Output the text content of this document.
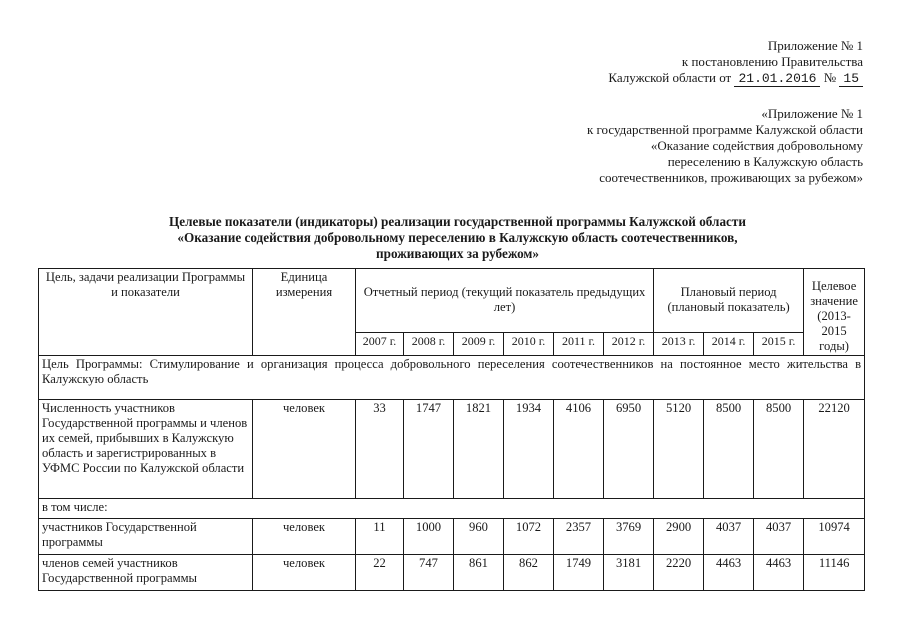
Приложение № 1
к постановлению Правительства
Калужской области от 21.01.2016 № 15
«Приложение № 1
к государственной программе Калужской области
«Оказание содействия добровольному
переселению в Калужскую область
соотечественников, проживающих за рубежом»
Целевые показатели (индикаторы) реализации государственной программы Калужской области
«Оказание содействия добровольному переселению в Калужскую область соотечественников,
проживающих за рубежом»
Цель, задачи реализации Программы и показатели	Единица измерения	Отчетный период (текущий показатель предыдущих лет)						Плановый период (плановый показатель)			Целевое значение (2013-2015 годы)
		2007 г.	2008 г.	2009 г.	2010 г.	2011 г.	2012 г.	2013 г.	2014 г.	2015 г.	
Цель Программы: Стимулирование и организация процесса добровольного переселения соотечественников на постоянное место жительства в Калужскую область											
Численность участников Государственной программы и членов их семей, прибывших в Калужскую область и зарегистрированных в УФМС России по Калужской области	человек	33	1747	1821	1934	4106	6950	5120	8500	8500	22120
в том числе:											
участников Государственной программы	человек	11	1000	960	1072	2357	3769	2900	4037	4037	10974
членов семей участников Государственной программы	человек	22	747	861	862	1749	3181	2220	4463	4463	11146
